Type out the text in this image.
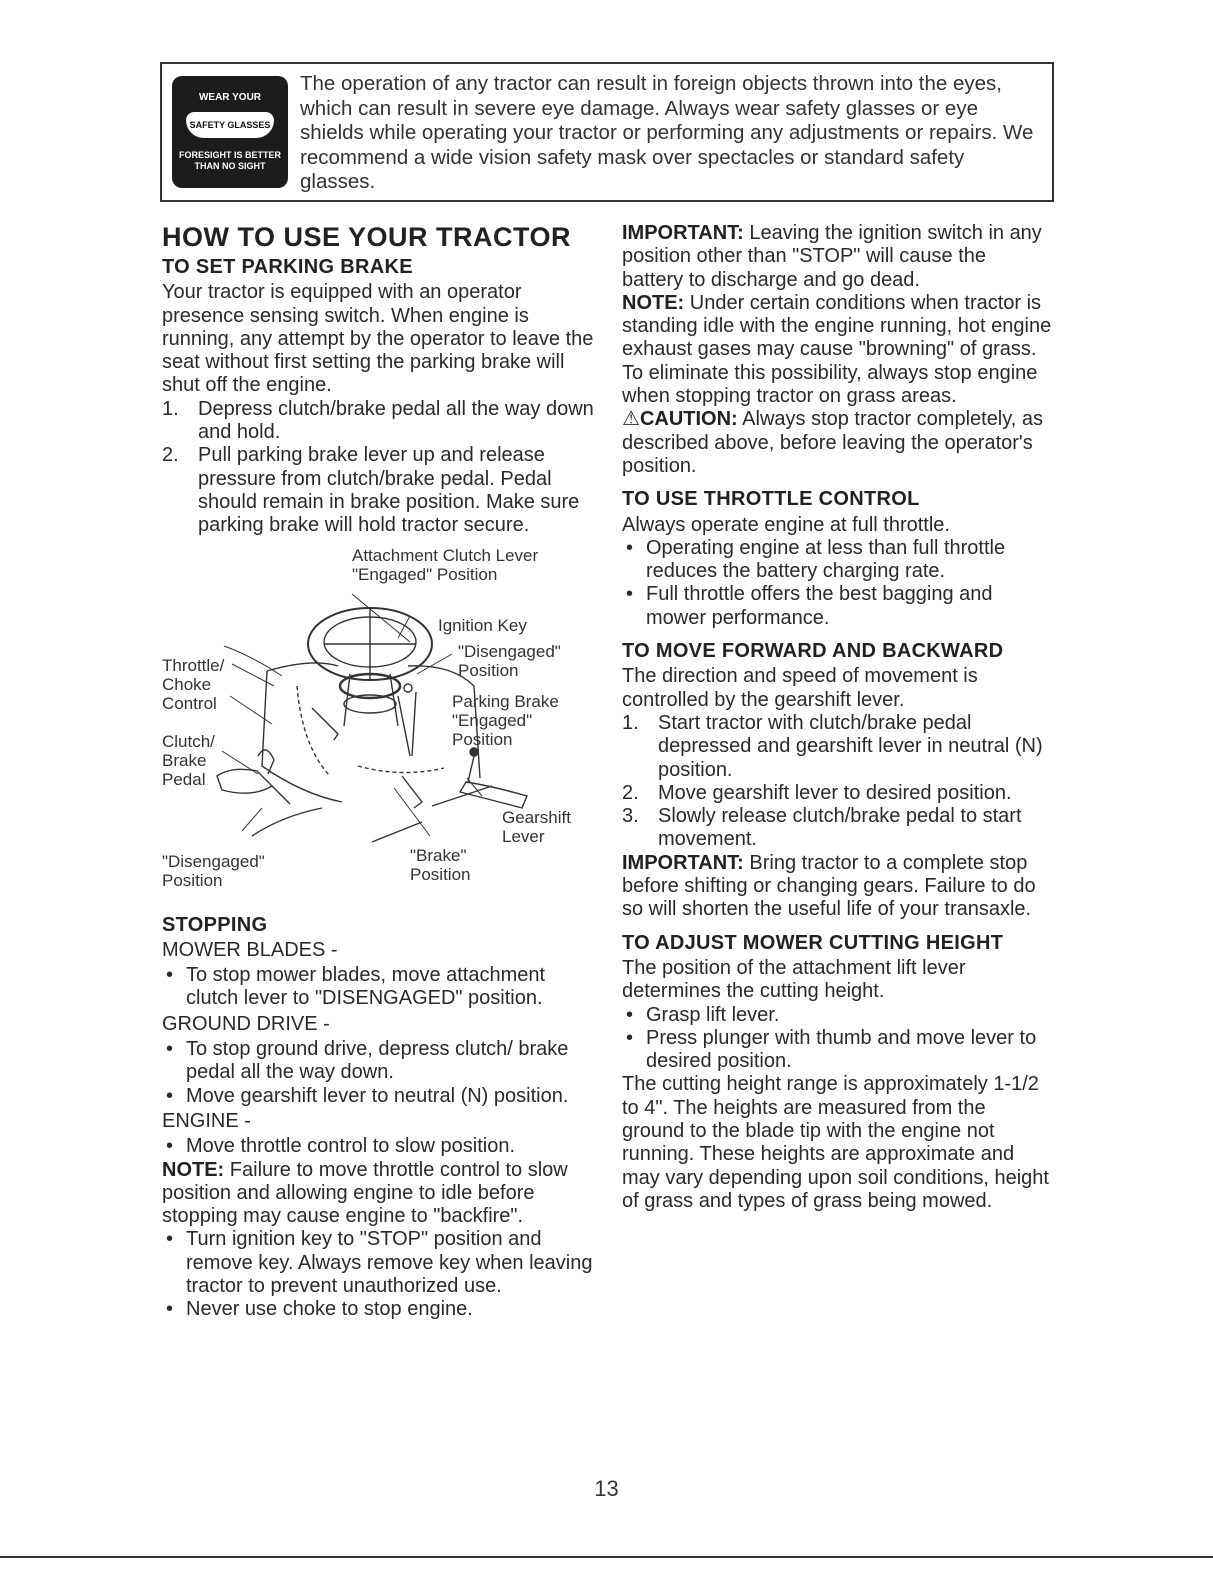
WEAR YOUR
SAFETY GLASSES
FORESIGHT IS BETTER THAN NO SIGHT
The operation of any tractor can result in foreign objects thrown into the eyes, which can result in severe eye damage. Always wear safety glasses or eye shields while operating your tractor or performing any adjustments or repairs. We recommend a wide vision safety mask over spectacles or standard safety glasses.
HOW TO USE YOUR TRACTOR
TO SET PARKING BRAKE

Your tractor is equipped with an operator presence sensing switch. When engine is running, any attempt by the operator to leave the seat without first setting the parking brake will shut off the engine.

1. Depress clutch/brake pedal all the way down and hold.
2. Pull parking brake lever up and release pressure from clutch/brake pedal. Pedal should remain in brake position. Make sure parking brake will hold tractor secure.
Attachment Clutch Lever
"Engaged" Position
Ignition Key
"Disengaged"
Position
Throttle/
Choke
Control	Parking Brake
"Engaged"
Position
Clutch/
Brake
Pedal
Gearshift
Lever
"Disengaged"
Position
"Brake"
Position
STOPPING
MOWER BLADES -
• To stop mower blades, move attachment clutch lever to "DISENGAGED" position.
GROUND DRIVE -
• To stop ground drive, depress clutch/ brake pedal all the way down.
• Move gearshift lever to neutral (N) position.
ENGINE -
• Move throttle control to slow position.

NOTE: Failure to move throttle control to slow position and allowing engine to idle before stopping may cause engine to "backfire".

• Turn ignition key to "STOP" position and remove key. Always remove key when leaving tractor to prevent unauthorized use.
• Never use choke to stop engine.

IMPORTANT: Leaving the ignition switch in any position other than "STOP" will cause the battery to discharge and go dead.

NOTE: Under certain conditions when tractor is standing idle with the engine running, hot engine exhaust gases may cause "browning" of grass. To eliminate this possibility, always stop engine when stopping tractor on grass areas.

⚠CAUTION: Always stop tractor completely, as described above, before leaving the operator's position.

TO USE THROTTLE CONTROL

Always operate engine at full throttle.

• Operating engine at less than full throttle reduces the battery charging rate.
• Full throttle offers the best bagging and mower performance.
TO MOVE FORWARD AND BACKWARD

The direction and speed of movement is controlled by the gearshift lever.

1. Start tractor with clutch/brake pedal depressed and gearshift lever in neutral (N) position.
2. Move gearshift lever to desired position.
3. Slowly release clutch/brake pedal to start movement.

IMPORTANT: Bring tractor to a complete stop before shifting or changing gears. Failure to do so will shorten the useful life of your transaxle.

TO ADJUST MOWER CUTTING HEIGHT

The position of the attachment lift lever determines the cutting height.

• Grasp lift lever.
• Press plunger with thumb and move lever to desired position.

The cutting height range is approximately 1-1/2 to 4". The heights are measured from the ground to the blade tip with the engine not running. These heights are approximate and may vary depending upon soil conditions, height of grass and types of grass being mowed.

13
